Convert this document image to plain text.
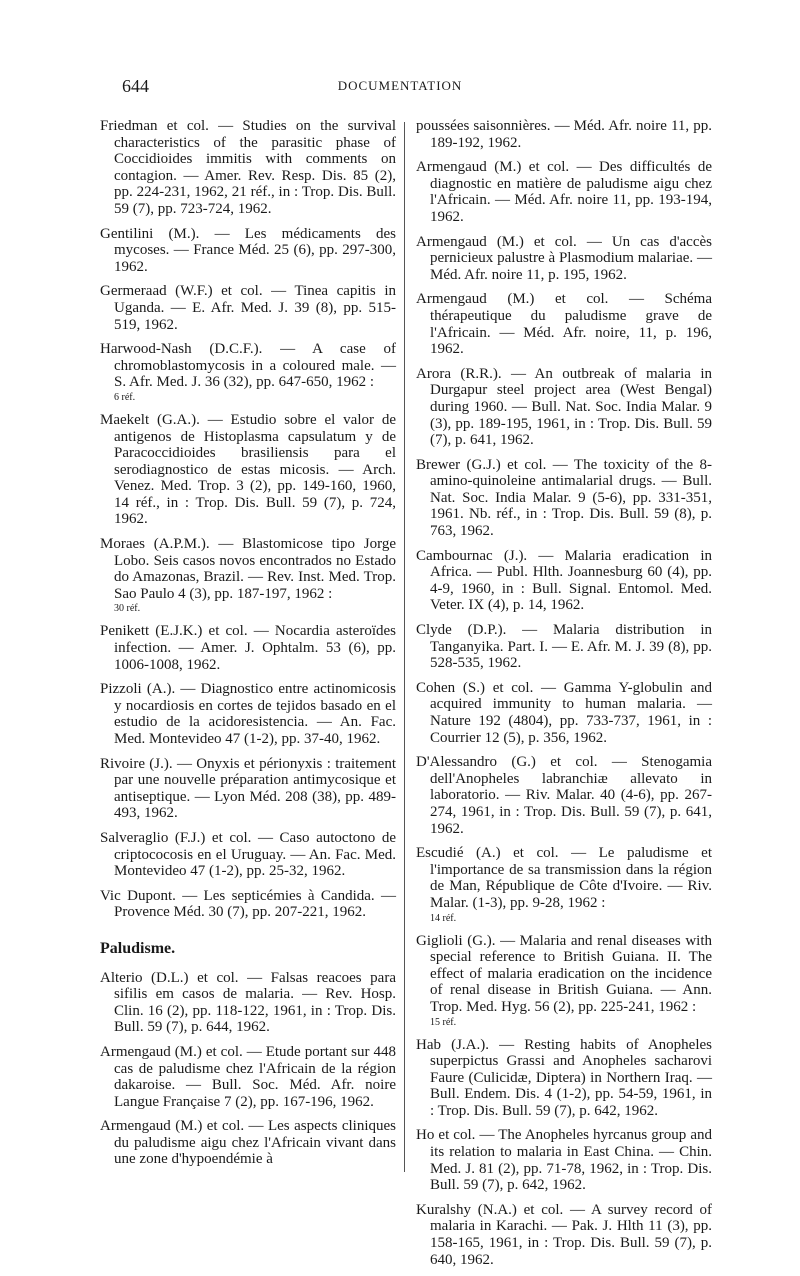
644	DOCUMENTATION

Friedman et col. — Studies on the survival characteristics of the parasitic phase of Coccidioides immitis with comments on contagion. — Amer. Rev. Resp. Dis. 85 (2), pp. 224-231, 1962, 21 réf., in : Trop. Dis. Bull. 59 (7), pp. 723-724, 1962.

Gentilini (M.). — Les médicaments des mycoses. — France Méd. 25 (6), pp. 297-300, 1962.

Germeraad (W.F.) et col. — Tinea capitis in Uganda. — E. Afr. Med. J. 39 (8), pp. 515-519, 1962.

Harwood-Nash (D.C.F.). — A case of chromoblastomycosis in a coloured male. — S. Afr. Med. J. 36 (32), pp. 647-650, 1962 :
6 réf.

Maekelt (G.A.). — Estudio sobre el valor de antigenos de Histoplasma capsulatum y de Paracoccidioides brasiliensis para el serodiagnostico de estas micosis. — Arch. Venez. Med. Trop. 3 (2), pp. 149-160, 1960, 14 réf., in : Trop. Dis. Bull. 59 (7), p. 724, 1962.

Moraes (A.P.M.). — Blastomicose tipo Jorge Lobo. Seis casos novos encontrados no Estado do Amazonas, Brazil. — Rev. Inst. Med. Trop. Sao Paulo 4 (3), pp. 187-197, 1962 :
30 réf.

Penikett (E.J.K.) et col. — Nocardia asteroïdes infection. — Amer. J. Ophtalm. 53 (6), pp. 1006-1008, 1962.

Pizzoli (A.). — Diagnostico entre actinomicosis y nocardiosis en cortes de tejidos basado en el estudio de la acidoresistencia. — An. Fac. Med. Montevideo 47 (1-2), pp. 37-40, 1962.

Rivoire (J.). — Onyxis et périonyxis : traitement par une nouvelle préparation antimycosique et antiseptique. — Lyon Méd. 208 (38), pp. 489-493, 1962.

Salveraglio (F.J.) et col. — Caso autoctono de criptococosis en el Uruguay. — An. Fac. Med. Montevideo 47 (1-2), pp. 25-32, 1962.

Vic Dupont. — Les septicémies à Candida. — Provence Méd. 30 (7), pp. 207-221, 1962.

Paludisme.

Alterio (D.L.) et col. — Falsas reacoes para sifilis em casos de malaria. — Rev. Hosp. Clin. 16 (2), pp. 118-122, 1961, in : Trop. Dis. Bull. 59 (7), p. 644, 1962.

Armengaud (M.) et col. — Etude portant sur 448 cas de paludisme chez l'Africain de la région dakaroise. — Bull. Soc. Méd. Afr. noire Langue Française 7 (2), pp. 167-196, 1962.

Armengaud (M.) et col. — Les aspects cliniques du paludisme aigu chez l'Africain vivant dans une zone d'hypoendémie à

poussées saisonnières. — Méd. Afr. noire 11, pp. 189-192, 1962.

Armengaud (M.) et col. — Des difficultés de diagnostic en matière de paludisme aigu chez l'Africain. — Méd. Afr. noire 11, pp. 193-194, 1962.

Armengaud (M.) et col. — Un cas d'accès pernicieux palustre à Plasmodium malariae. — Méd. Afr. noire 11, p. 195, 1962.

Armengaud (M.) et col. — Schéma thérapeutique du paludisme grave de l'Africain. — Méd. Afr. noire, 11, p. 196, 1962.

Arora (R.R.). — An outbreak of malaria in Durgapur steel project area (West Bengal) during 1960. — Bull. Nat. Soc. India Malar. 9 (3), pp. 189-195, 1961, in : Trop. Dis. Bull. 59 (7), p. 641, 1962.

Brewer (G.J.) et col. — The toxicity of the 8-amino-quinoleine antimalarial drugs. — Bull. Nat. Soc. India Malar. 9 (5-6), pp. 331-351, 1961. Nb. réf., in : Trop. Dis. Bull. 59 (8), p. 763, 1962.

Cambournac (J.). — Malaria eradication in Africa. — Publ. Hlth. Joannesburg 60 (4), pp. 4-9, 1960, in : Bull. Signal. Entomol. Med. Veter. IX (4), p. 14, 1962.

Clyde (D.P.). — Malaria distribution in Tanganyika. Part. I. — E. Afr. M. J. 39 (8), pp. 528-535, 1962.

Cohen (S.) et col. — Gamma Y-globulin and acquired immunity to human malaria. — Nature 192 (4804), pp. 733-737, 1961, in : Courrier 12 (5), p. 356, 1962.

D'Alessandro (G.) et col. — Stenogamia dell'Anopheles labranchiæ allevato in laboratorio. — Riv. Malar. 40 (4-6), pp. 267-274, 1961, in : Trop. Dis. Bull. 59 (7), p. 641, 1962.

Escudié (A.) et col. — Le paludisme et l'importance de sa transmission dans la région de Man, République de Côte d'Ivoire. — Riv. Malar. (1-3), pp. 9-28, 1962 :
14 réf.

Giglioli (G.). — Malaria and renal diseases with special reference to British Guiana. II. The effect of malaria eradication on the incidence of renal disease in British Guiana. — Ann. Trop. Med. Hyg. 56 (2), pp. 225-241, 1962 :
15 réf.

Hab (J.A.). — Resting habits of Anopheles superpictus Grassi and Anopheles sacharovi Faure (Culicidæ, Diptera) in Northern Iraq. — Bull. Endem. Dis. 4 (1-2), pp. 54-59, 1961, in : Trop. Dis. Bull. 59 (7), p. 642, 1962.

Ho et col. — The Anopheles hyrcanus group and its relation to malaria in East China. — Chin. Med. J. 81 (2), pp. 71-78, 1962, in : Trop. Dis. Bull. 59 (7), p. 642, 1962.

Kuralshy (N.A.) et col. — A survey record of malaria in Karachi. — Pak. J. Hlth 11 (3), pp. 158-165, 1961, in : Trop. Dis. Bull. 59 (7), p. 640, 1962.
